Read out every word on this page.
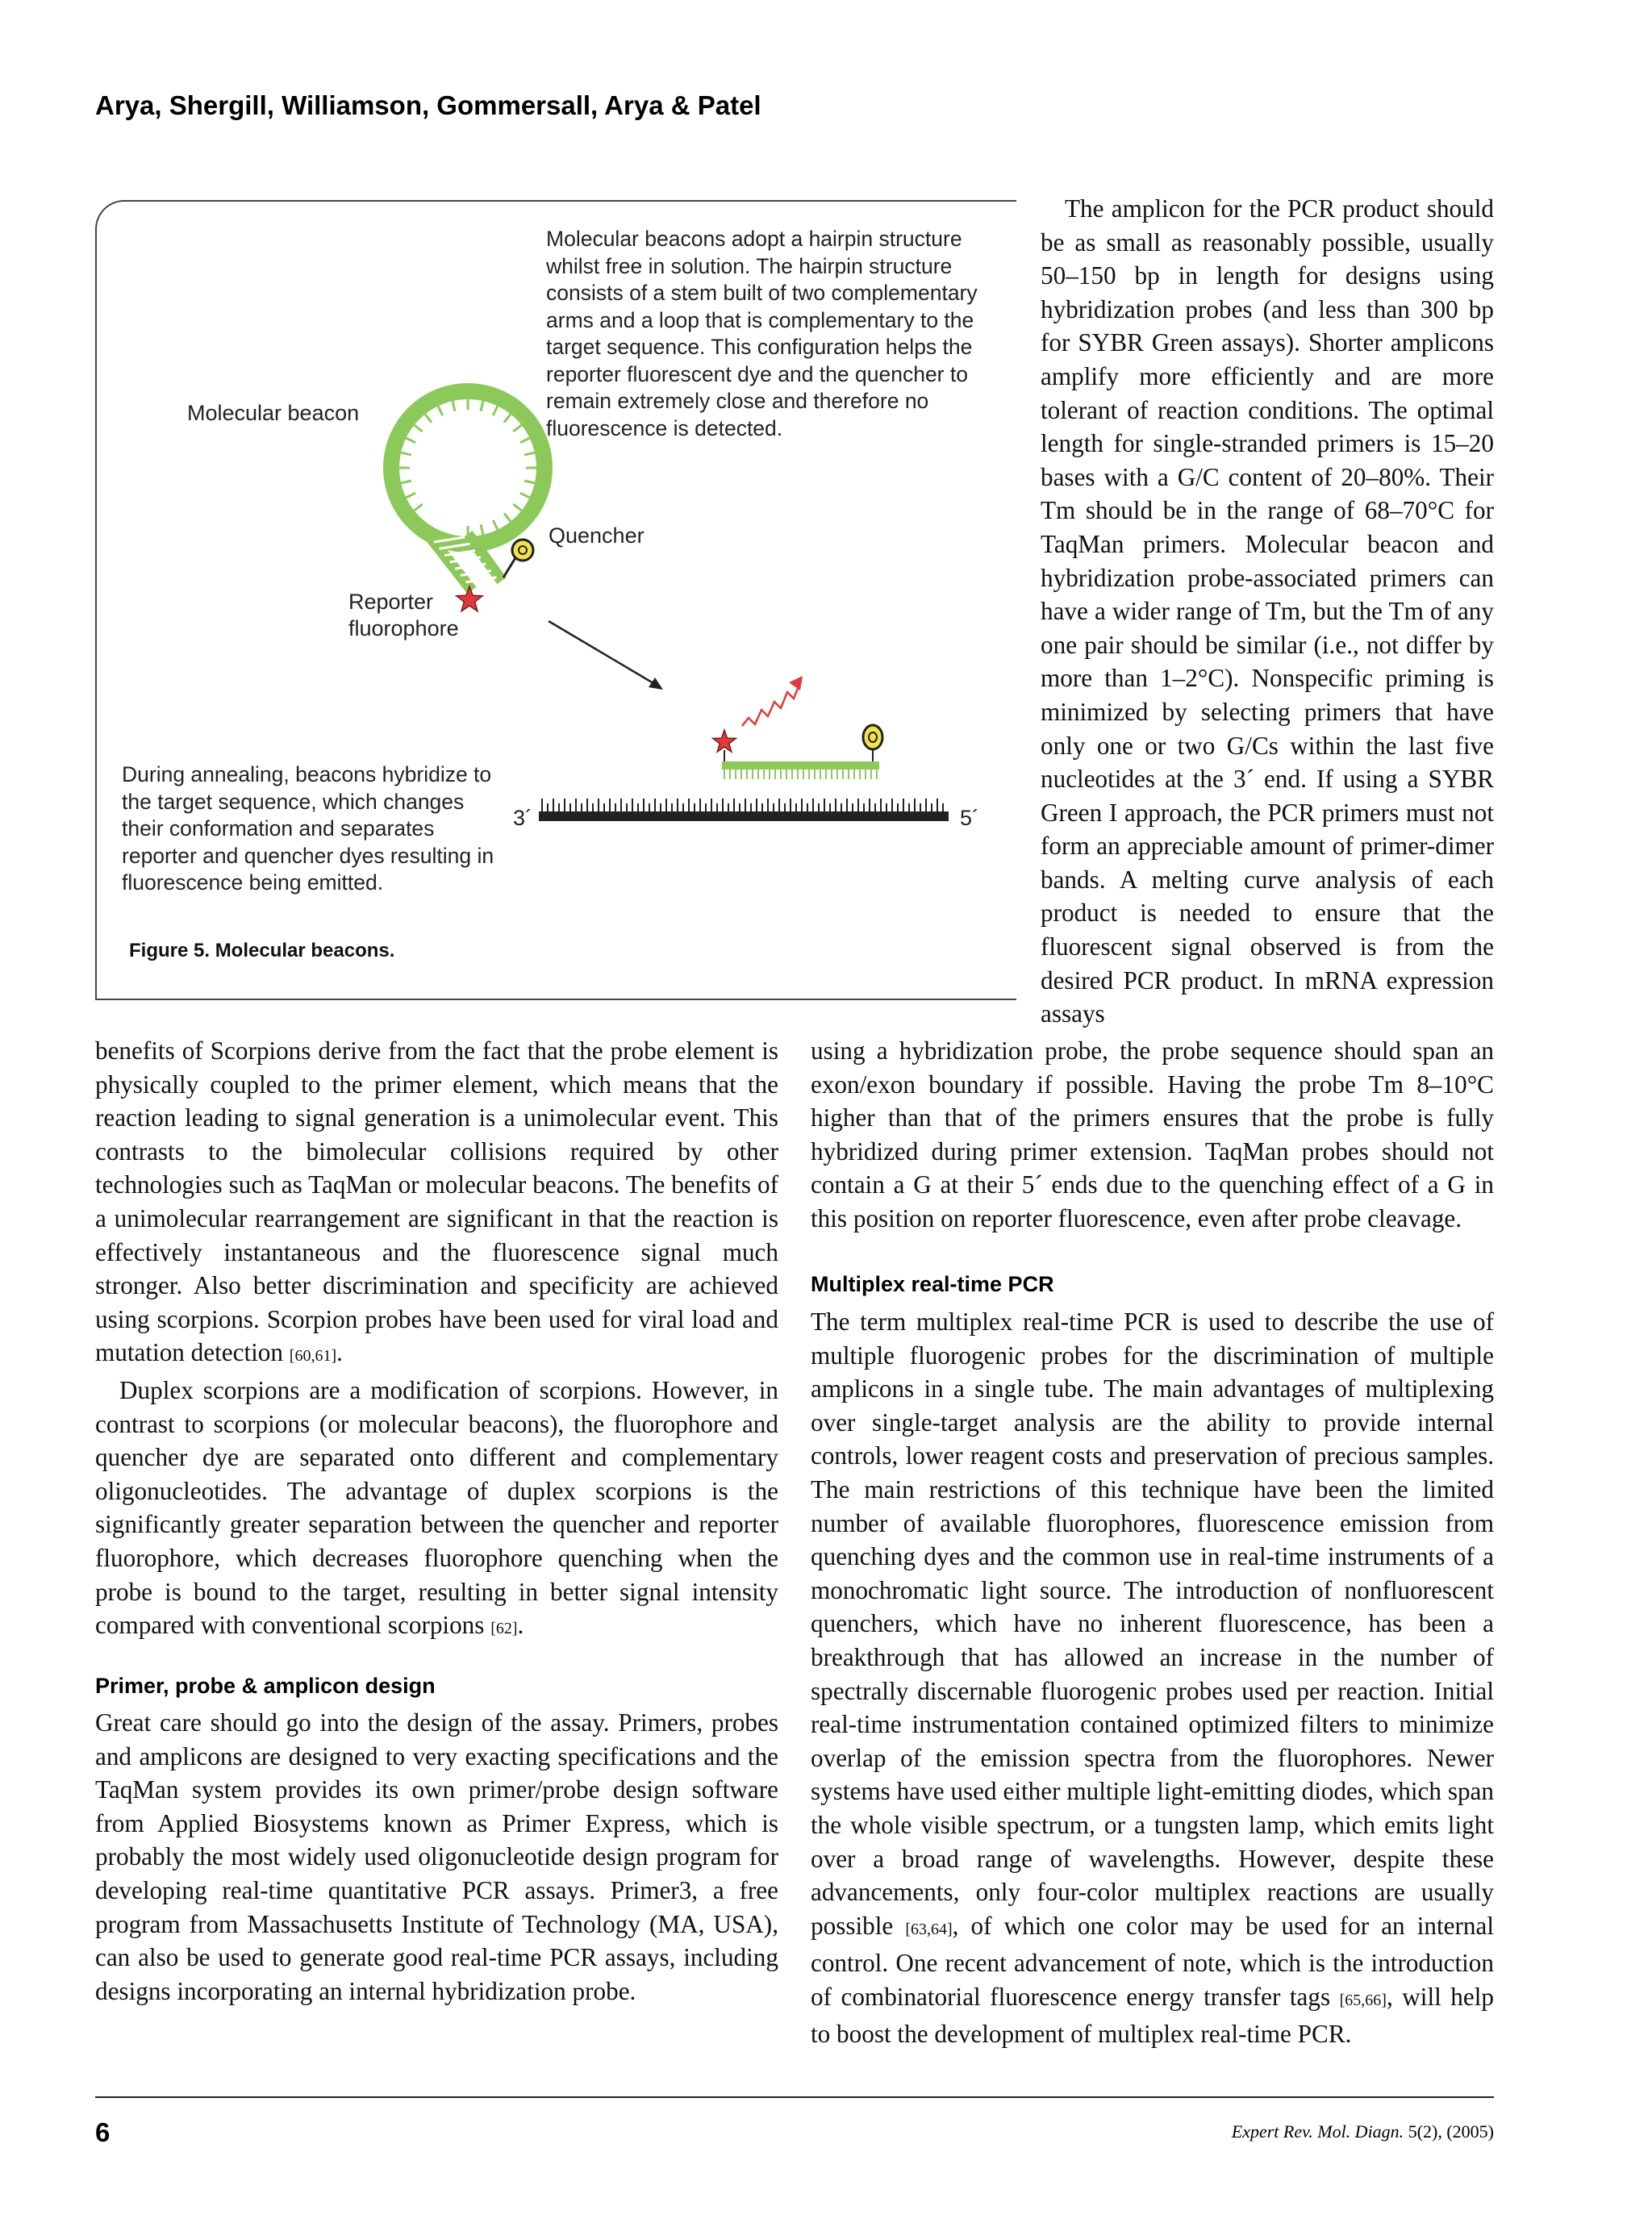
Arya, Shergill, Williamson, Gommersall, Arya & Patel
Molecular beacon
Quencher
Reporter
fluorophore
Molecular beacons adopt a hairpin structure whilst free in solution. The hairpin structure consists of a stem built of two complementary arms and a loop that is complementary to the target sequence. This configuration helps the reporter fluorescent dye and the quencher to remain extremely close and therefore no fluorescence is detected.
During annealing, beacons hybridize to the target sequence, which changes their conformation and separates reporter and quencher dyes resulting in fluorescence being emitted.
3´	5´
Figure 5. Molecular beacons.

The amplicon for the PCR product should be as small as reasonably possible, usually 50–150 bp in length for designs using hybridization probes (and less than 300 bp for SYBR Green assays). Shorter amplicons amplify more efficiently and are more tolerant of reaction conditions. The optimal length for single-stranded primers is 15–20 bases with a G/C content of 20–80%. Their Tm should be in the range of 68–70°C for TaqMan primers. Molecular beacon and hybridization probe-associated primers can have a wider range of Tm, but the Tm of any one pair should be similar (i.e., not differ by more than 1–2°C). Nonspecific priming is minimized by selecting primers that have only one or two G/Cs within the last five nucleotides at the 3´ end. If using a SYBR Green I approach, the PCR primers must not form an appreciable amount of primer-dimer bands. A melting curve analysis of each product is needed to ensure that the fluorescent signal observed is from the desired PCR product. In mRNA expression assays

benefits of Scorpions derive from the fact that the probe element is physically coupled to the primer element, which means that the reaction leading to signal generation is a unimolecular event. This contrasts to the bimolecular collisions required by other technologies such as TaqMan or molecular beacons. The benefits of a unimolecular rearrangement are significant in that the reaction is effectively instantaneous and the fluorescence signal much stronger. Also better discrimination and specificity are achieved using scorpions. Scorpion probes have been used for viral load and mutation detection [60,61].

Duplex scorpions are a modification of scorpions. However, in contrast to scorpions (or molecular beacons), the fluorophore and quencher dye are separated onto different and complementary oligonucleotides. The advantage of duplex scorpions is the significantly greater separation between the quencher and reporter fluorophore, which decreases fluorophore quenching when the probe is bound to the target, resulting in better signal intensity compared with conventional scorpions [62].

Primer, probe & amplicon design

Great care should go into the design of the assay. Primers, probes and amplicons are designed to very exacting specifications and the TaqMan system provides its own primer/probe design software from Applied Biosystems known as Primer Express, which is probably the most widely used oligonucleotide design program for developing real-time quantitative PCR assays. Primer3, a free program from Massachusetts Institute of Technology (MA, USA), can also be used to generate good real-time PCR assays, including designs incorporating an internal hybridization probe.

using a hybridization probe, the probe sequence should span an exon/exon boundary if possible. Having the probe Tm 8–10°C higher than that of the primers ensures that the probe is fully hybridized during primer extension. TaqMan probes should not contain a G at their 5´ ends due to the quenching effect of a G in this position on reporter fluorescence, even after probe cleavage.

Multiplex real-time PCR

The term multiplex real-time PCR is used to describe the use of multiple fluorogenic probes for the discrimination of multiple amplicons in a single tube. The main advantages of multiplexing over single-target analysis are the ability to provide internal controls, lower reagent costs and preservation of precious samples. The main restrictions of this technique have been the limited number of available fluorophores, fluorescence emission from quenching dyes and the common use in real-time instruments of a monochromatic light source. The introduction of nonfluorescent quenchers, which have no inherent fluorescence, has been a breakthrough that has allowed an increase in the number of spectrally discernable fluorogenic probes used per reaction. Initial real-time instrumentation contained optimized filters to minimize overlap of the emission spectra from the fluorophores. Newer systems have used either multiple light-emitting diodes, which span the whole visible spectrum, or a tungsten lamp, which emits light over a broad range of wavelengths. However, despite these advancements, only four-color multiplex reactions are usually possible [63,64], of which one color may be used for an internal control. One recent advancement of note, which is the introduction of combinatorial fluorescence energy transfer tags [65,66], will help to boost the development of multiplex real-time PCR.

6	Expert Rev. Mol. Diagn. 5(2), (2005)
